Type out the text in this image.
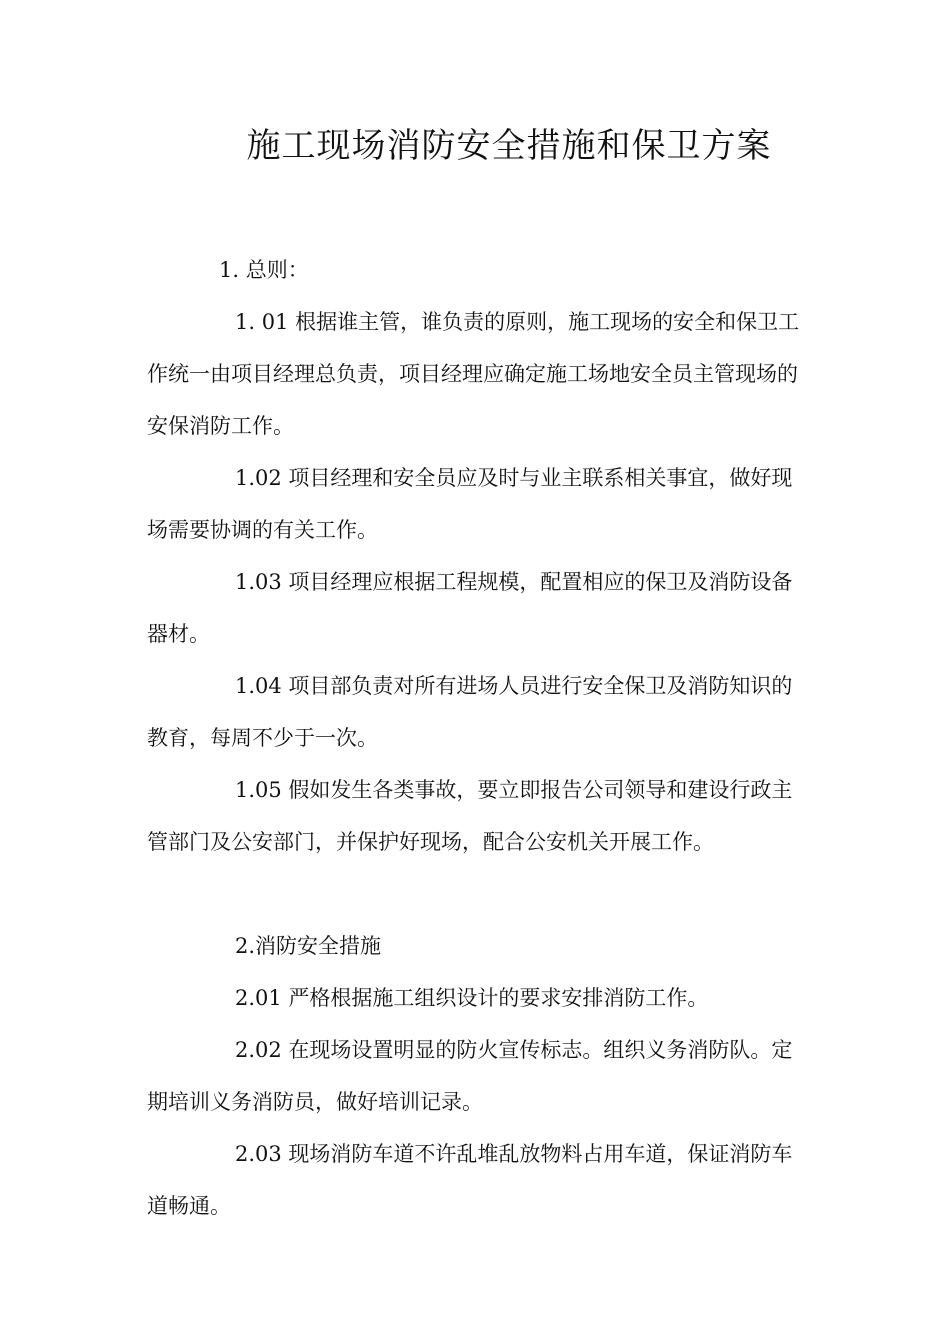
施工现场消防安全措施和保卫方案

1. 总则：

1. 01 根据谁主管，谁负责的原则，施工现场的安全和保卫工作统一由项目经理总负责，项目经理应确定施工场地安全员主管现场的安保消防工作。

1.02 项目经理和安全员应及时与业主联系相关事宜，做好现场需要协调的有关工作。

1.03 项目经理应根据工程规模，配置相应的保卫及消防设备器材。

1.04 项目部负责对所有进场人员进行安全保卫及消防知识的教育，每周不少于一次。

1.05 假如发生各类事故，要立即报告公司领导和建设行政主管部门及公安部门，并保护好现场，配合公安机关开展工作。

2.消防安全措施

2.01 严格根据施工组织设计的要求安排消防工作。

2.02 在现场设置明显的防火宣传标志。组织义务消防队。定期培训义务消防员，做好培训记录。

2.03 现场消防车道不许乱堆乱放物料占用车道，保证消防车道畅通。
